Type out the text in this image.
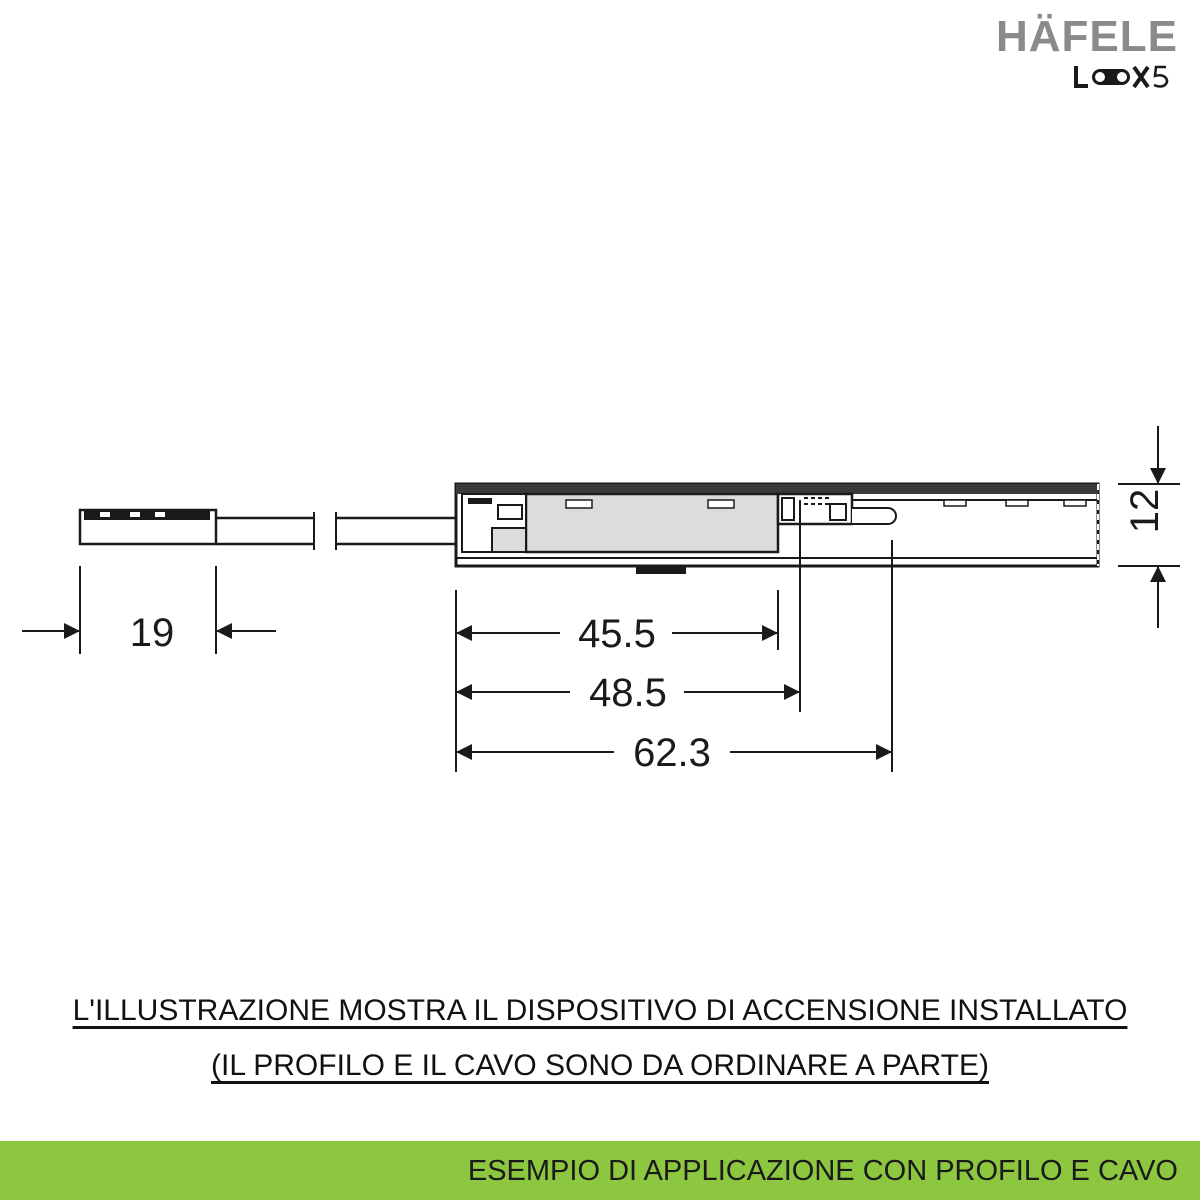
HÄFELE
19
12
45.5
48.5
62.3
L'ILLUSTRAZIONE MOSTRA IL DISPOSITIVO DI ACCENSIONE INSTALLATO
(IL PROFILO E IL CAVO SONO DA ORDINARE A PARTE)
ESEMPIO DI APPLICAZIONE CON PROFILO E CAVO
